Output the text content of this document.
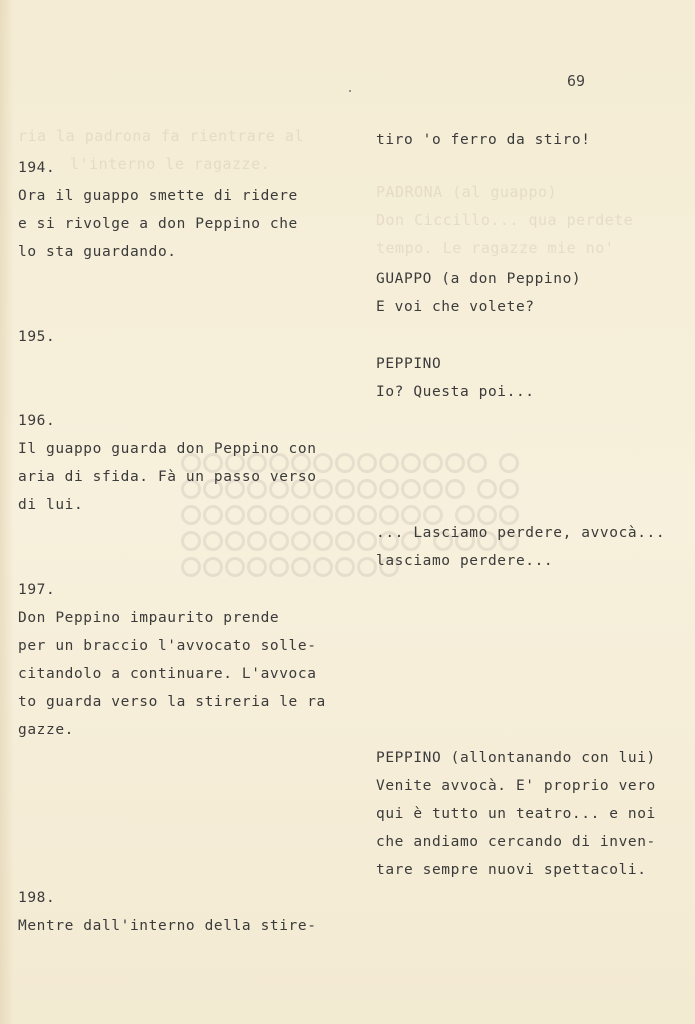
ria la padrona fa rientrare al
l'interno le ragazze.
PADRONA (al guappo)
Don Ciccillo... qua perdete
tempo. Le ragazze mie no'

69
194.
Ora il guappo smette di ridere
e si rivolge a don Peppino che
lo sta guardando.
195.
196.
Il guappo guarda don Peppino con
aria di sfida. Fà un passo verso
di lui.
197.
Don Peppino impaurito prende
per un braccio l'avvocato solle-
citandolo a continuare. L'avvoca
to guarda verso la stireria le ra
gazze.
198.
Mentre dall'interno della stire-
tiro 'o ferro da stiro!
GUAPPO (a don Peppino)
E voi che volete?
PEPPINO
Io? Questa poi...
... Lasciamo perdere, avvocà...
lasciamo perdere...
PEPPINO (allontanando con lui)
Venite avvocà. E' proprio vero
qui è tutto un teatro... e noi
che andiamo cercando di inven-
tare sempre nuovi spettacoli.
